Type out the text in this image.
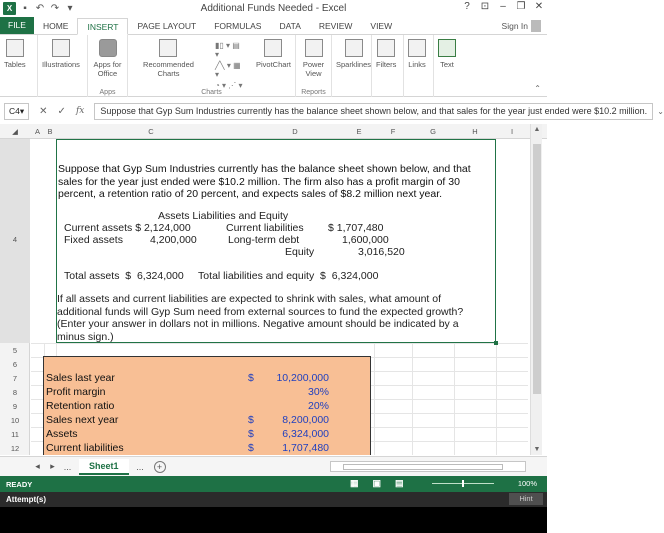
X	▪ ↶ ↷ ▾	Additional Funds Needed - Excel	?	⊡	–	❐ ✕
FILE	HOME	INSERT	PAGE LAYOUT	FORMULAS	DATA	REVIEW	VIEW	Sign In
Tables Illustrations Apps for Office
Apps
Recommended Charts
▮▯ ▾ ▤ ▾
╱╲ ▾ ▦ ▾
◔ ▾ ⋰ ▾
PivotChart
Charts
Power View
Reports
Sparklines Filters Links Text
⌃
C4 ▾ ✕ ✓ fx	Suppose that Gyp Sum Industries currently has the balance sheet shown below, and that sales for the year just ended were $10.2 million.	⌄
◢	A B	C	D	E	F	G	H	I
4
5
6
7
8
9
10
11
12
Suppose that Gyp Sum Industries currently has the balance sheet shown below, and that sales for the year just ended were $10.2 million. The firm also has a profit margin of 30 percent, a retention ratio of 20 percent, and expects sales of $8.2 million next year.
Assets Liabilities and Equity
Current assets $ 2,124,000	Current liabilities $ 1,707,480
Fixed assets	4,200,000	Long-term debt	1,600,000
Equity	3,016,520
Total assets  $  6,324,000     Total liabilities and equity  $  6,324,000
If all assets and current liabilities are expected to shrink with sales, what amount of additional funds will Gyp Sum need from external sources to fund the expected growth? (Enter your answer in dollars not in millions. Negative amount should be indicated by a minus sign.)
Sales last year	$ 10,200,000
Profit margin	30%
Retention ratio	20%
Sales next year	$	8,200,000
Assets	$	6,324,000
Current liabilities	$	1,707,480
▲
▼
◂	▸ ...	Sheet1	...	+
READY	▦ ▣ ▤	100%
Attempt(s)	Hint
